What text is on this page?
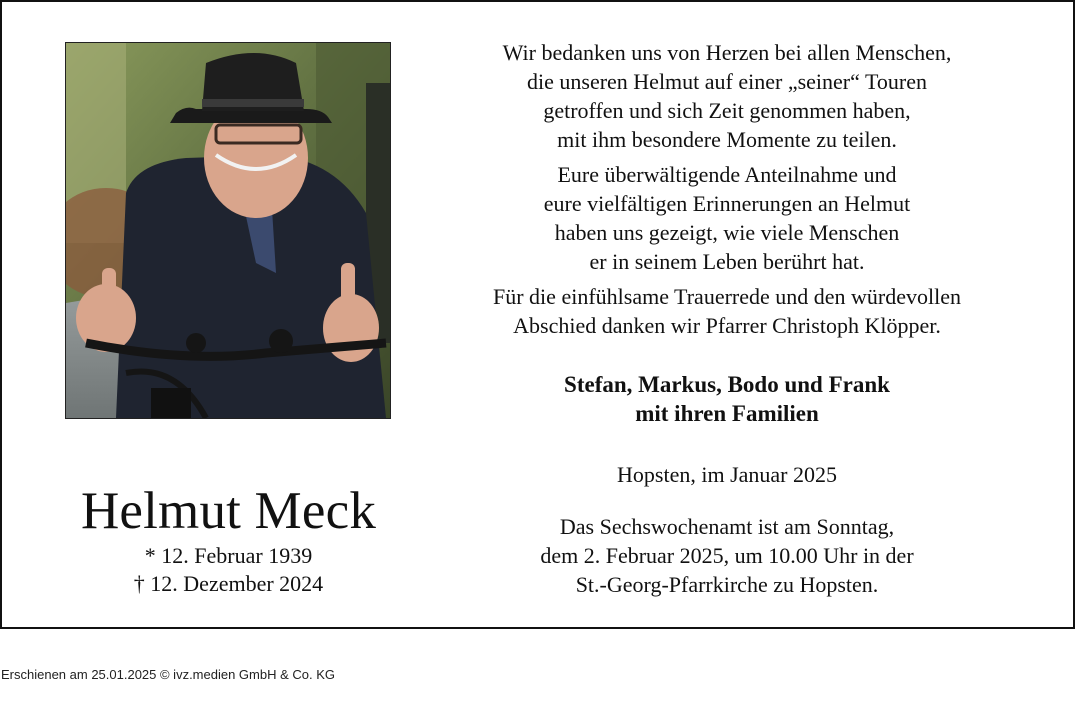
Helmut Meck
* 12. Februar 1939
† 12. Dezember 2024
Wir bedanken uns von Herzen bei allen Menschen,
die unseren Helmut auf einer „seiner“ Touren
getroffen und sich Zeit genommen haben,
mit ihm besondere Momente zu teilen.
Eure überwältigende Anteilnahme und
eure vielfältigen Erinnerungen an Helmut
haben uns gezeigt, wie viele Menschen
er in seinem Leben berührt hat.
Für die einfühlsame Trauerrede und den würdevollen
Abschied danken wir Pfarrer Christoph Klöpper.
Stefan, Markus, Bodo und Frank
mit ihren Familien
Hopsten, im Januar 2025
Das Sechswochenamt ist am Sonntag,
dem 2. Februar 2025, um 10.00 Uhr in der
St.-Georg-Pfarrkirche zu Hopsten.
Erschienen am 25.01.2025 © ivz.medien GmbH & Co. KG
